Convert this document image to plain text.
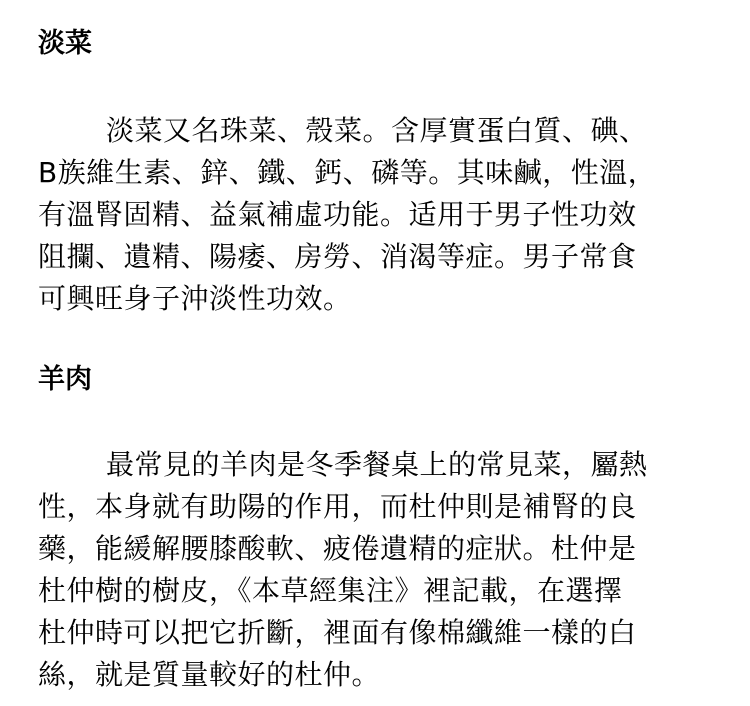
淡菜
淡菜又名珠菜、殼菜。含厚實蛋白質、碘、
B族維生素、鋅、鐵、鈣、磷等。其味鹹，性溫，
有溫腎固精、益氣補虛功能。适用于男子性功效
阻攔、遺精、陽痿、房勞、消渴等症。男子常食
可興旺身子沖淡性功效。
羊肉
最常見的羊肉是冬季餐桌上的常見菜，屬熱
性，本身就有助陽的作用，而杜仲則是補腎的良
藥，能緩解腰膝酸軟、疲倦遺精的症狀。杜仲是
杜仲樹的樹皮，《本草經集注》裡記載，在選擇
杜仲時可以把它折斷，裡面有像棉纖維一樣的白
絲，就是質量較好的杜仲。
